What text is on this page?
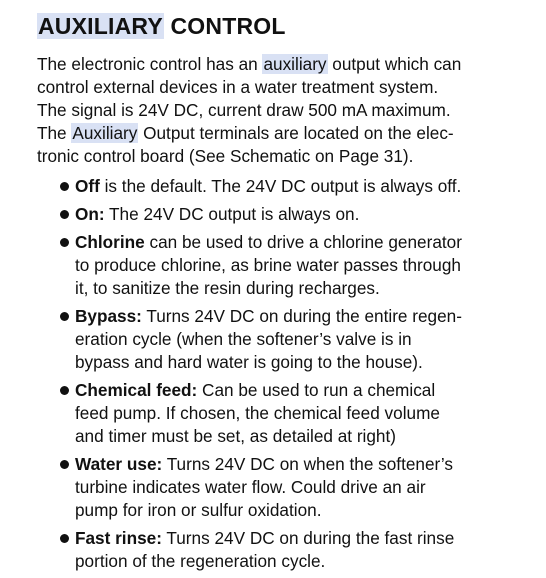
AUXILIARY CONTROL

The electronic control has an auxiliary output which can
control external devices in a water treatment system.
The signal is 24V DC, current draw 500 mA maximum.
The Auxiliary Output terminals are located on the elec-
tronic control board (See Schematic on Page 31).

Off is the default. The 24V DC output is always off.
On: The 24V DC output is always on.
Chlorine can be used to drive a chlorine generator
to produce chlorine, as brine water passes through
it, to sanitize the resin during recharges.
Bypass: Turns 24V DC on during the entire regen-
eration cycle (when the softener’s valve is in
bypass and hard water is going to the house).
Chemical feed: Can be used to run a chemical
feed pump. If chosen, the chemical feed volume
and timer must be set, as detailed at right)
Water use: Turns 24V DC on when the softener’s
turbine indicates water flow. Could drive an air
pump for iron or sulfur oxidation.
Fast rinse: Turns 24V DC on during the fast rinse
portion of the regeneration cycle.
